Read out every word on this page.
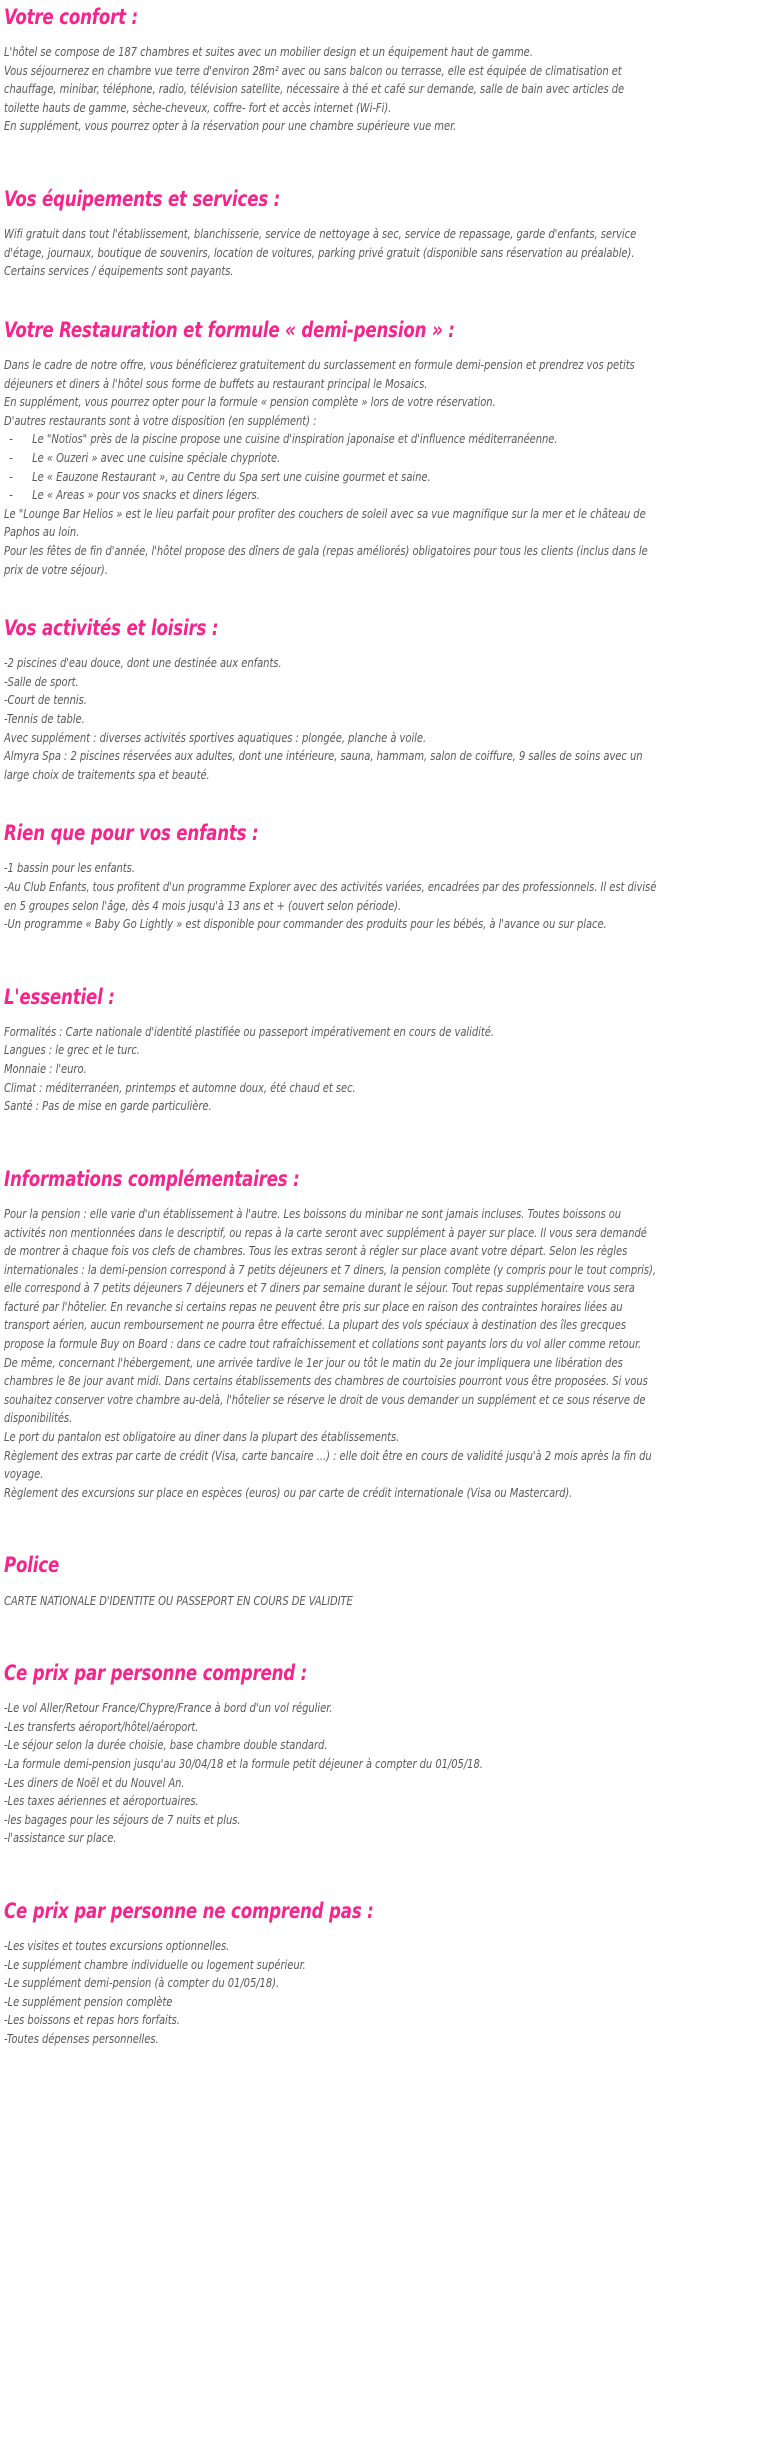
Votre confort :

L'hôtel se compose de 187 chambres et suites avec un mobilier design et un équipement haut de gamme.

Vous séjournerez en chambre vue terre d'environ 28m² avec ou sans balcon ou terrasse, elle est équipée de climatisation et chauffage, minibar, téléphone, radio, télévision satellite, nécessaire à thé et café sur demande, salle de bain avec articles de toilette hauts de gamme, sèche-cheveux, coffre- fort et accès internet (Wi-Fi).

En supplément, vous pourrez opter à la réservation pour une chambre supérieure vue mer.

Vos équipements et services :

Wifi gratuit dans tout l'établissement, blanchisserie, service de nettoyage à sec, service de repassage, garde d'enfants, service d'étage, journaux, boutique de souvenirs, location de voitures, parking privé gratuit (disponible sans réservation au préalable).

Certains services / équipements sont payants.

Votre Restauration et formule « demi-pension » :

Dans le cadre de notre offre, vous bénéficierez gratuitement du surclassement en formule demi-pension et prendrez vos petits déjeuners et diners à l'hôtel sous forme de buffets au restaurant principal le Mosaics.

En supplément, vous pourrez opter pour la formule « pension complète » lors de votre réservation.

D'autres restaurants sont à votre disposition (en supplément) :

- Le "Notios" près de la piscine propose une cuisine d'inspiration japonaise et d'influence méditerranéenne.
- Le « Ouzeri » avec une cuisine spéciale chypriote.
- Le « Eauzone Restaurant », au Centre du Spa sert une cuisine gourmet et saine.
- Le « Areas » pour vos snacks et diners légers.

Le "Lounge Bar Helios » est le lieu parfait pour profiter des couchers de soleil avec sa vue magnifique sur la mer et le château de Paphos au loin.

Pour les fêtes de fin d'année, l'hôtel propose des dîners de gala (repas améliorés) obligatoires pour tous les clients (inclus dans le prix de votre séjour).

Vos activités et loisirs :

-2 piscines d'eau douce, dont une destinée aux enfants.

-Salle de sport.

-Court de tennis.

-Tennis de table.

Avec supplément : diverses activités sportives aquatiques : plongée, planche à voile.

Almyra Spa : 2 piscines réservées aux adultes, dont une intérieure, sauna, hammam, salon de coiffure, 9 salles de soins avec un large choix de traitements spa et beauté.

Rien que pour vos enfants :

-1 bassin pour les enfants.

-Au Club Enfants, tous profitent d'un programme Explorer avec des activités variées, encadrées par des professionnels. Il est divisé en 5 groupes selon l'âge, dès 4 mois jusqu'à 13 ans et + (ouvert selon période).

-Un programme « Baby Go Lightly » est disponible pour commander des produits pour les bébés, à l'avance ou sur place.

L'essentiel :

Formalités : Carte nationale d'identité plastifiée ou passeport impérativement en cours de validité.

Langues : le grec et le turc.

Monnaie : l'euro.

Climat : méditerranéen, printemps et automne doux, été chaud et sec.

Santé : Pas de mise en garde particulière.

Informations complémentaires :

Pour la pension : elle varie d'un établissement à l'autre. Les boissons du minibar ne sont jamais incluses. Toutes boissons ou activités non mentionnées dans le descriptif, ou repas à la carte seront avec supplément à payer sur place. Il vous sera demandé de montrer à chaque fois vos clefs de chambres. Tous les extras seront à régler sur place avant votre départ. Selon les règles internationales : la demi-pension correspond à 7 petits déjeuners et 7 diners, la pension complète (y compris pour le tout compris), elle correspond à 7 petits déjeuners 7 déjeuners et 7 diners par semaine durant le séjour. Tout repas supplémentaire vous sera facturé par l'hôtelier. En revanche si certains repas ne peuvent être pris sur place en raison des contraintes horaires liées au transport aérien, aucun remboursement ne pourra être effectué. La plupart des vols spéciaux à destination des îles grecques propose la formule Buy on Board : dans ce cadre tout rafraîchissement et collations sont payants lors du vol aller comme retour.

De même, concernant l'hébergement, une arrivée tardive le 1er jour ou tôt le matin du 2e jour impliquera une libération des chambres le 8e jour avant midi. Dans certains établissements des chambres de courtoisies pourront vous être proposées. Si vous souhaitez conserver votre chambre au-delà, l'hôtelier se réserve le droit de vous demander un supplément et ce sous réserve de disponibilités.

Le port du pantalon est obligatoire au diner dans la plupart des établissements.

Règlement des extras par carte de crédit (Visa, carte bancaire ...) : elle doit être en cours de validité jusqu'à 2 mois après la fin du voyage.

Règlement des excursions sur place en espèces (euros) ou par carte de crédit internationale (Visa ou Mastercard).

Police

CARTE NATIONALE D'IDENTITE OU PASSEPORT EN COURS DE VALIDITE

Ce prix par personne comprend :

-Le vol Aller/Retour France/Chypre/France à bord d'un vol régulier.

-Les transferts aéroport/hôtel/aéroport.

-Le séjour selon la durée choisie, base chambre double standard.

-La formule demi-pension jusqu'au 30/04/18 et la formule petit déjeuner à compter du 01/05/18.

-Les diners de Noël et du Nouvel An.

-Les taxes aériennes et aéroportuaires.

-les bagages pour les séjours de 7 nuits et plus.

-l'assistance sur place.

Ce prix par personne ne comprend pas :

-Les visites et toutes excursions optionnelles.

-Le supplément chambre individuelle ou logement supérieur.

-Le supplément demi-pension (à compter du 01/05/18).

-Le supplément pension complète

-Les boissons et repas hors forfaits.

-Toutes dépenses personnelles.
